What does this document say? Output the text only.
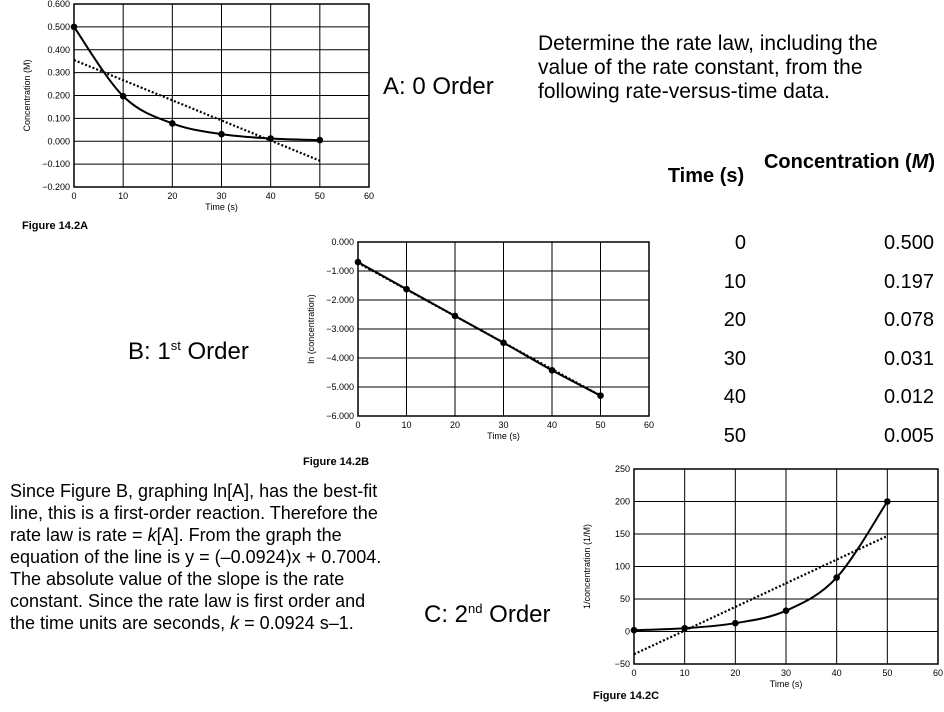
0	10	20	30	40	50	60
−0.200
−0.100
0.000
0.100
0.200
0.300
0.400
0.500
0.600
Time (s)
Concentration (M)
Figure 14.2A
0	10	20	30	40	50	60
−6.000
−5.000
−4.000
−3.000
−2.000
−1.000
0.000
Time (s)
ln (concentration)
Figure 14.2B
0	10	20	30	40	50	60
−50
0
50
100
150
200
250
Time (s)
1/concentration (1/M)
Figure 14.2C
A: 0 Order
B: 1st Order
C: 2nd Order
Determine the rate law, including the value of the rate constant, from the following rate-versus-time data.
Time (s)
Concentration (M)
0	0.500
10	0.197
20	0.078
30	0.031
40	0.012
50	0.005
Since Figure B, graphing ln[A], has the best-fit line, this is a first-order reaction. Therefore the rate law is rate = k[A]. From the graph the equation of the line is y = (–0.0924)x + 0.7004. The absolute value of the slope is the rate constant. Since the rate law is first order and the time units are seconds, k = 0.0924 s–1.
